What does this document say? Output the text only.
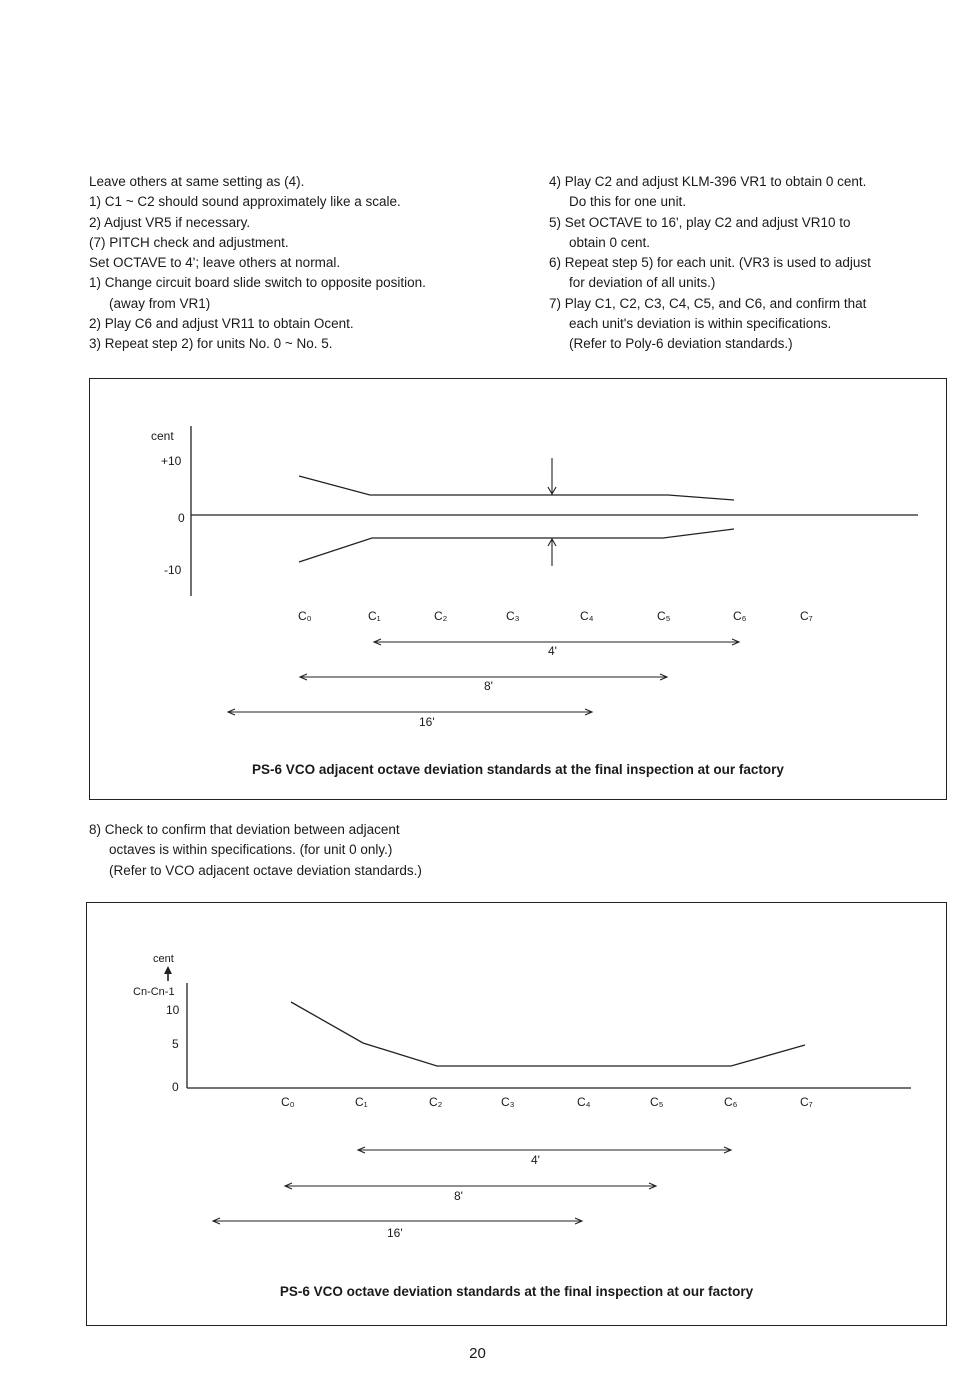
Leave others at same setting as (4).

1) C1 ~ C2 should sound approximately like a scale.

2) Adjust VR5 if necessary.

(7) PITCH check and adjustment.

Set OCTAVE to 4'; leave others at normal.

1) Change circuit board slide switch to opposite position.

(away from VR1)

2) Play C6 and adjust VR11 to obtain Ocent.

3) Repeat step 2) for units No. 0 ~ No. 5.

4) Play C2 and adjust KLM-396 VR1 to obtain 0 cent.

Do this for one unit.

5) Set OCTAVE to 16', play C2 and adjust VR10 to

obtain 0 cent.

6) Repeat step 5) for each unit. (VR3 is used to adjust

for deviation of all units.)

7) Play C1, C2, C3, C4, C5, and C6, and confirm that

each unit's deviation is within specifications.

(Refer to Poly-6 deviation standards.)

cent
+10
0
-10
C₀	C₁	C₂	C₃	C₄	C₅	C₆	C₇
4'
8'
16'
PS-6 VCO adjacent octave deviation standards at the final inspection at our factory

8) Check to confirm that deviation between adjacent

octaves is within specifications. (for unit 0 only.)

(Refer to VCO adjacent octave deviation standards.)

cent
Cn-Cn-1
10
5
0
C₀	C₁	C₂	C₃	C₄	C₅	C₆	C₇
4'
8'
16'
PS-6 VCO octave deviation standards at the final inspection at our factory
20
